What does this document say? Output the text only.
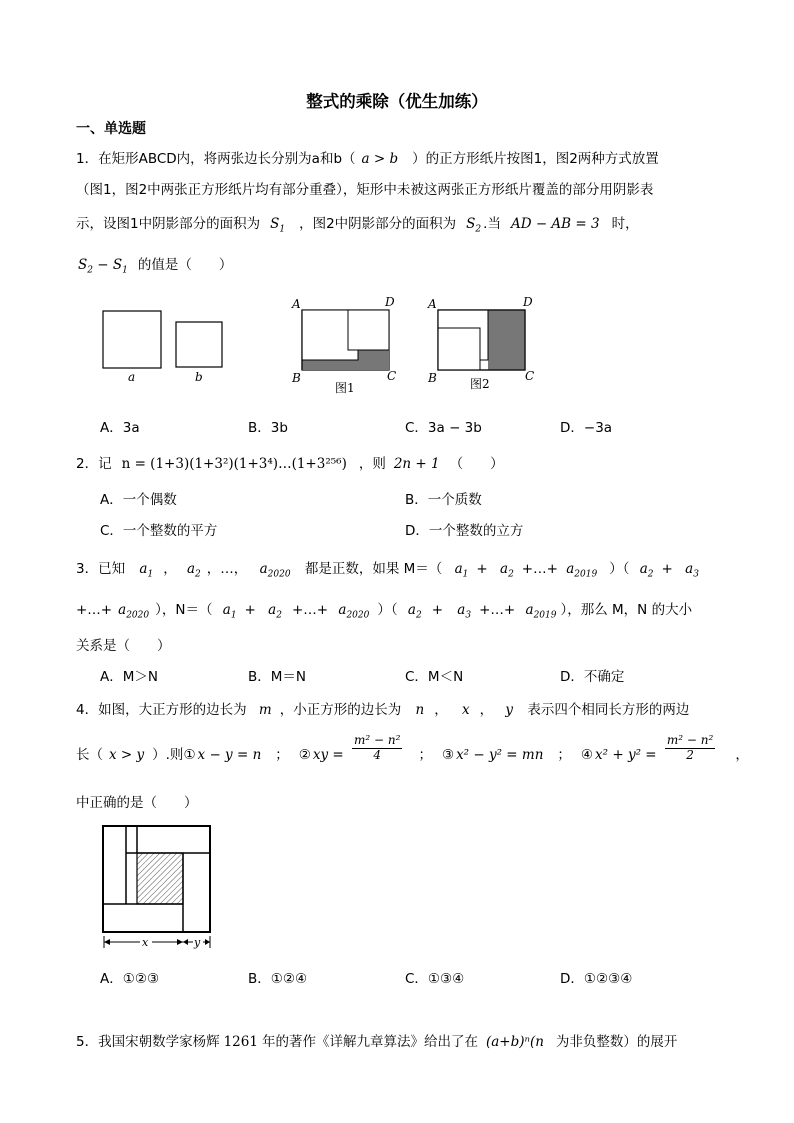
整式的乘除（优生加练）
一、单选题
1．在矩形ABCD内，将两张边长分别为a和b（ a > b ）的正方形纸片按图1，图2两种方式放置
（图1，图2中两张正方形纸片均有部分重叠），矩形中未被这两张正方形纸片覆盖的部分用阴影表
示，设图1中阴影部分的面积为 $S_1$ ，图2中阴影部分的面积为 $S_2$ .当 AD − AB = 3 时，
$S_2 - S_1$ 的值是（　　）
a	b
A	D
B	C
图1
A	D
B	C
图2
A．3a	B．3b	C．3a − 3b	D．−3a
2．记 n = (1+3)(1+3²)(1+3⁴)…(1+3²⁵⁶) ，则 2n + 1 （　　）
A．一个偶数	B．一个质数
C．一个整数的平方	D．一个整数的立方
3．已知 $a_1$ ， $a_2$ ，…， $a_{2020}$ 都是正数，如果 M＝（ $a_1 + a_2$ +…+ $a_{2019}$ ）（ $a_2 + a_3$
+…+ $a_{2020}$ ），N＝（ $a_1 + a_2$ +…+ $a_{2020}$ ）（ $a_2 + a_3$ +…+ $a_{2019}$ ），那么 M，N 的大小
关系是（　　）
A．M＞N	B．M＝N	C．M＜N	D．不确定
4．如图，大正方形的边长为 m ，小正方形的边长为 n ， x ， y 表示四个相同长方形的两边
长（ x > y ）.则① x − y = n ； ② xy = $\frac{\text{m² − n²}}{4}$ ； ③ x² − y² = mn ； ④ $x^2 + y^2 = \frac{\text{m² − n²}}{2}$ ，
中正确的是（　　）
x	y
A．①②③	B．①②④	C．①③④	D．①②③④
5．我国宋朝数学家杨辉 1261 年的著作《详解九章算法》给出了在 (a+b)ⁿ(n 为非负整数）的展开
